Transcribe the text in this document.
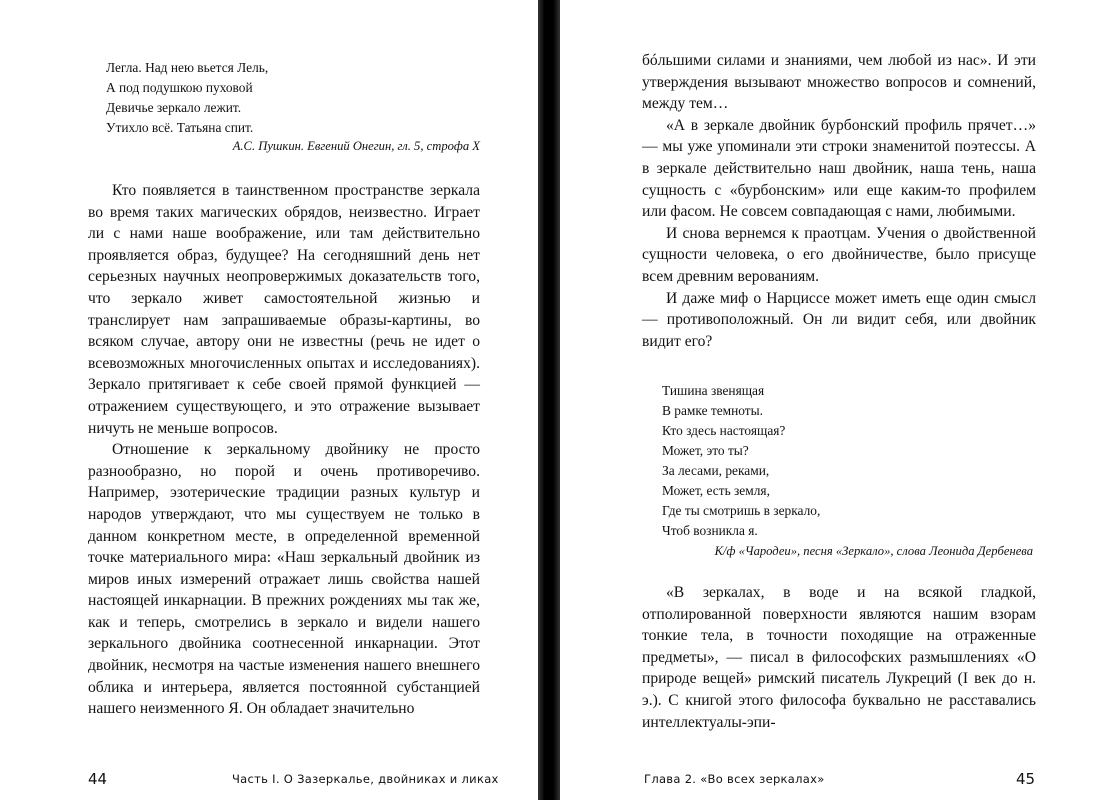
Легла. Над нею вьется Лель,
А под подушкою пуховой
Девичье зеркало лежит.
Утихло всё. Татьяна спит.
А.С. Пушкин. Евгений Онегин, гл. 5, строфа X

Кто появляется в таинственном пространстве зеркала во время таких магических обрядов, неизвестно. Играет ли с нами наше воображение, или там действительно проявляется образ, будущее? На сегодняшний день нет серьезных научных неопровержимых доказательств того, что зеркало живет самостоятельной жизнью и транслирует нам запрашиваемые образы-картины, во всяком случае, автору они не известны (речь не идет о всевозможных многочисленных опытах и исследованиях). Зеркало притягивает к себе своей прямой функцией — отражением существующего, и это отражение вызывает ничуть не меньше вопросов.

Отношение к зеркальному двойнику не просто разнообразно, но порой и очень противоречиво. Например, эзотерические традиции разных культур и народов утверждают, что мы существуем не только в данном конкретном месте, в определенной временной точке материального мира: «Наш зеркальный двойник из миров иных измерений отражает лишь свойства нашей настоящей инкарнации. В прежних рождениях мы так же, как и теперь, смотрелись в зеркало и видели нашего зеркального двойника соотнесенной инкарнации. Этот двойник, несмотря на частые изменения нашего внешнего облика и интерьера, является постоянной субстанцией нашего неизменного Я. Он обладает значительно

44	Часть I. О Зазеркалье, двойниках и ликах

бóльшими силами и знаниями, чем любой из нас». И эти утверждения вызывают множество вопросов и сомнений, между тем…

«А в зеркале двойник бурбонский профиль прячет…» — мы уже упоминали эти строки знаменитой поэтессы. А в зеркале действительно наш двойник, наша тень, наша сущность с «бурбонским» или еще каким-то профилем или фасом. Не совсем совпадающая с нами, любимыми.

И снова вернемся к праотцам. Учения о двойственной сущности человека, о его двойничестве, было присуще всем древним верованиям.

И даже миф о Нарциссе может иметь еще один смысл — противоположный. Он ли видит себя, или двойник видит его?

Тишина звенящая
В рамке темноты.
Кто здесь настоящая?
Может, это ты?
За лесами, реками,
Может, есть земля,
Где ты смотришь в зеркало,
Чтоб возникла я.
К/ф «Чародеи», песня «Зеркало», слова Леонида Дербенева

«В зеркалах, в воде и на всякой гладкой, отполированной поверхности являются нашим взорам тонкие тела, в точности походящие на отраженные предметы», — писал в философских размышлениях «О природе вещей» римский писатель Лукреций (I век до н. э.). С книгой этого философа буквально не расставались интеллектуалы-эпи-

Глава 2. «Во всех зеркалах»	45
